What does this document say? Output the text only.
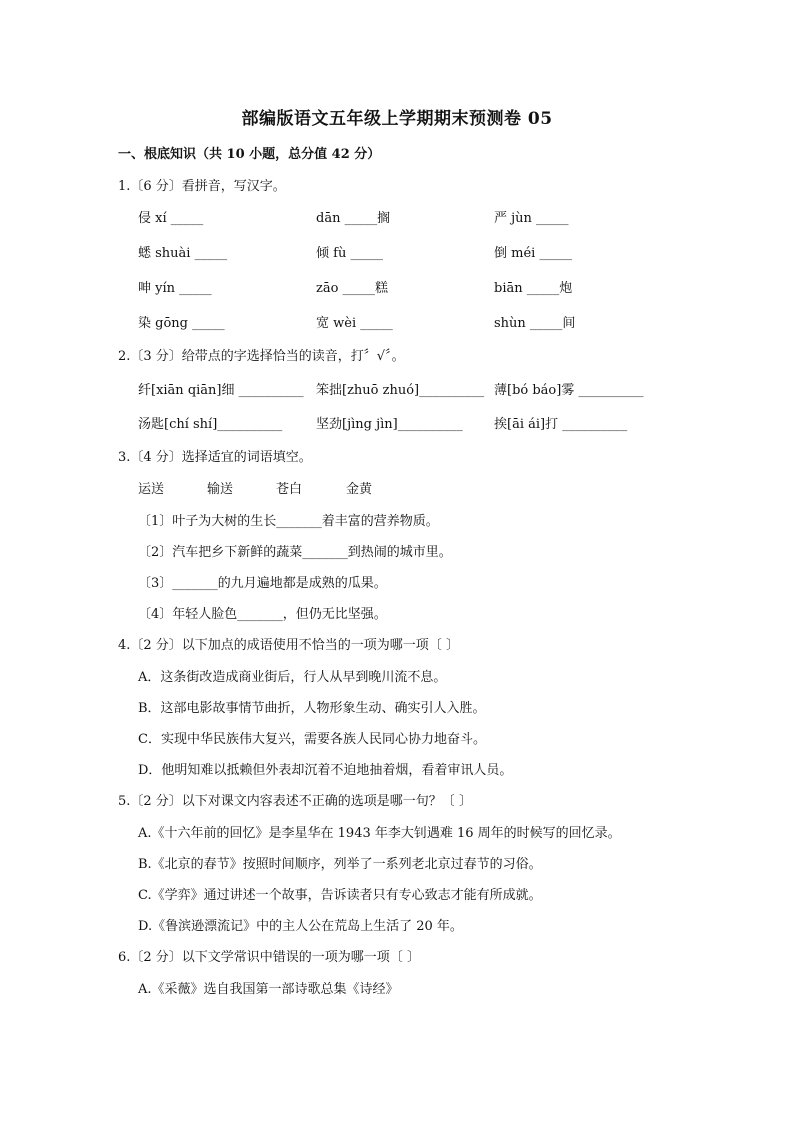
部编版语文五年级上学期期末预测卷 05
一、根底知识（共 10 小题，总分值 42 分）
1.〔6 分〕看拼音，写汉字。
侵 xí _____	dān _____搁	严 jùn _____
蟋 shuài _____	倾 fù _____	倒 méi _____
呻 yín _____	zāo _____糕	biān _____炮
染 gōng _____	宽 wèi _____	shùn _____间
2.〔3 分〕给带点的字选择恰当的读音，打〞√〞。
纤[xiān qiān]细 __________ 笨拙[zhuō zhuó]__________ 薄[bó báo]雾 __________
汤匙[chí shí]__________	坚劲[jìng jìn]__________ 挨[āi ái]打 __________
3.〔4 分〕选择适宜的词语填空。
运送	输送	苍白	金黄
〔1〕叶子为大树的生长_______着丰富的营养物质。
〔2〕汽车把乡下新鲜的蔬菜_______到热闹的城市里。
〔3〕_______的九月遍地都是成熟的瓜果。
〔4〕年轻人脸色_______，但仍无比坚强。
4.〔2 分〕以下加点的成语使用不恰当的一项为哪一项〔 〕
A．这条街改造成商业街后，行人从早到晚川流不息。
B．这部电影故事情节曲折，人物形象生动、确实引人入胜。
C．实现中华民族伟大复兴，需要各族人民同心协力地奋斗。
D．他明知难以抵赖但外表却沉着不迫地抽着烟，看着审讯人员。
5.〔2 分〕以下对课文内容表述不正确的选项是哪一句？〔 〕
A.《十六年前的回忆》是李星华在 1943 年李大钊遇难 16 周年的时候写的回忆录。
B.《北京的春节》按照时间顺序，列举了一系列老北京过春节的习俗。
C.《学弈》通过讲述一个故事，告诉读者只有专心致志才能有所成就。
D.《鲁滨逊漂流记》中的主人公在荒岛上生活了 20 年。
6.〔2 分〕以下文学常识中错误的一项为哪一项〔 〕
A.《采薇》选自我国第一部诗歌总集《诗经》
